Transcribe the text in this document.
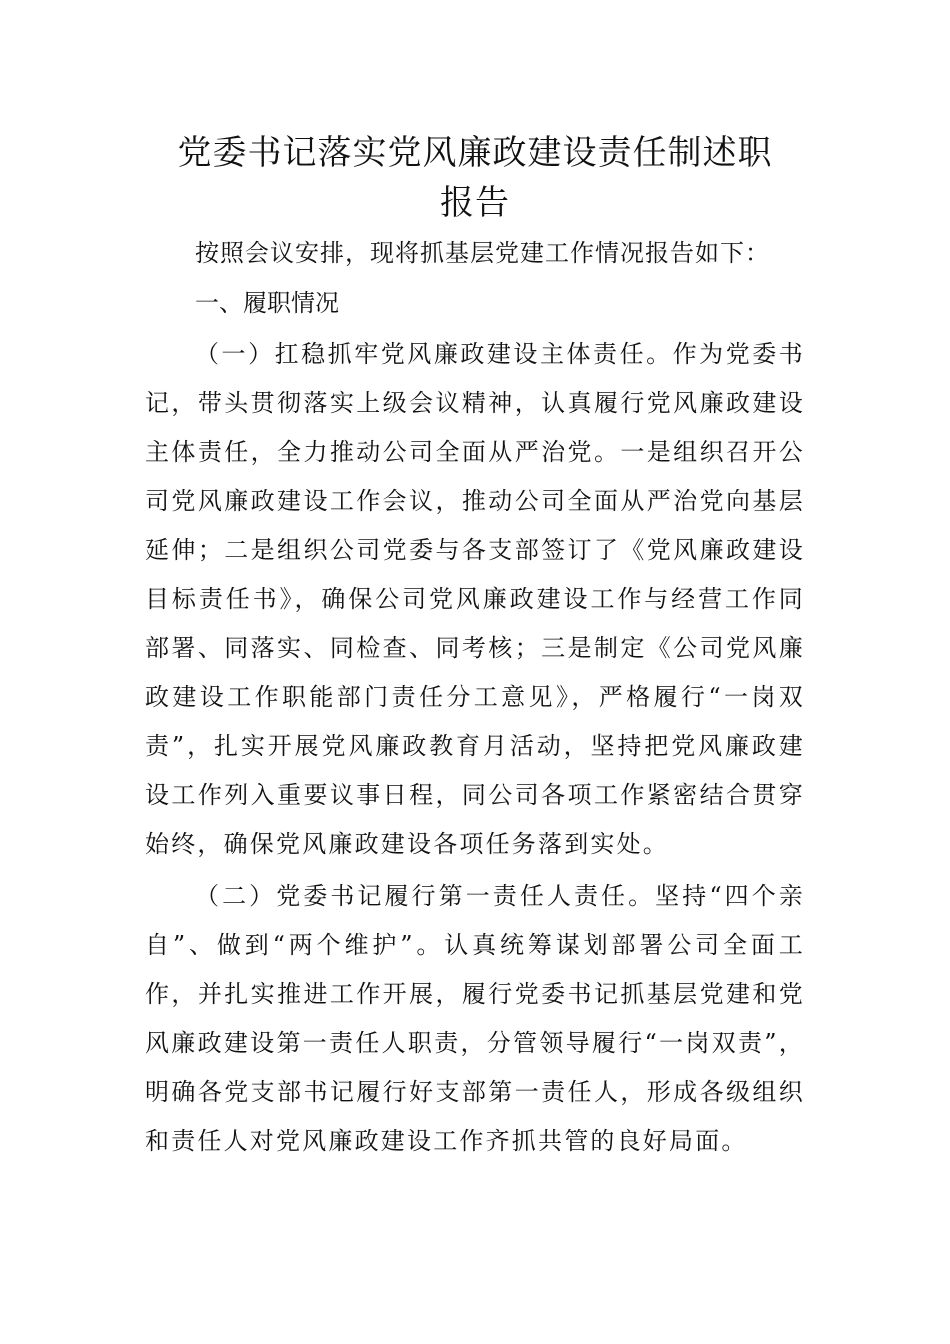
党委书记落实党风廉政建设责任制述职
报告

按照会议安排，现将抓基层党建工作情况报告如下：

一、履职情况

（一）扛稳抓牢党风廉政建设主体责任。作为党委书记，带头贯彻落实上级会议精神，认真履行党风廉政建设主体责任，全力推动公司全面从严治党。一是组织召开公司党风廉政建设工作会议，推动公司全面从严治党向基层延伸；二是组织公司党委与各支部签订了《党风廉政建设目标责任书》，确保公司党风廉政建设工作与经营工作同部署、同落实、同检查、同考核；三是制定《公司党风廉政建设工作职能部门责任分工意见》，严格履行“一岗双责”，扎实开展党风廉政教育月活动，坚持把党风廉政建设工作列入重要议事日程，同公司各项工作紧密结合贯穿始终，确保党风廉政建设各项任务落到实处。

（二）党委书记履行第一责任人责任。坚持“四个亲自”、做到“两个维护”。认真统筹谋划部署公司全面工作，并扎实推进工作开展，履行党委书记抓基层党建和党风廉政建设第一责任人职责，分管领导履行“一岗双责”，明确各党支部书记履行好支部第一责任人，形成各级组织和责任人对党风廉政建设工作齐抓共管的良好局面。
